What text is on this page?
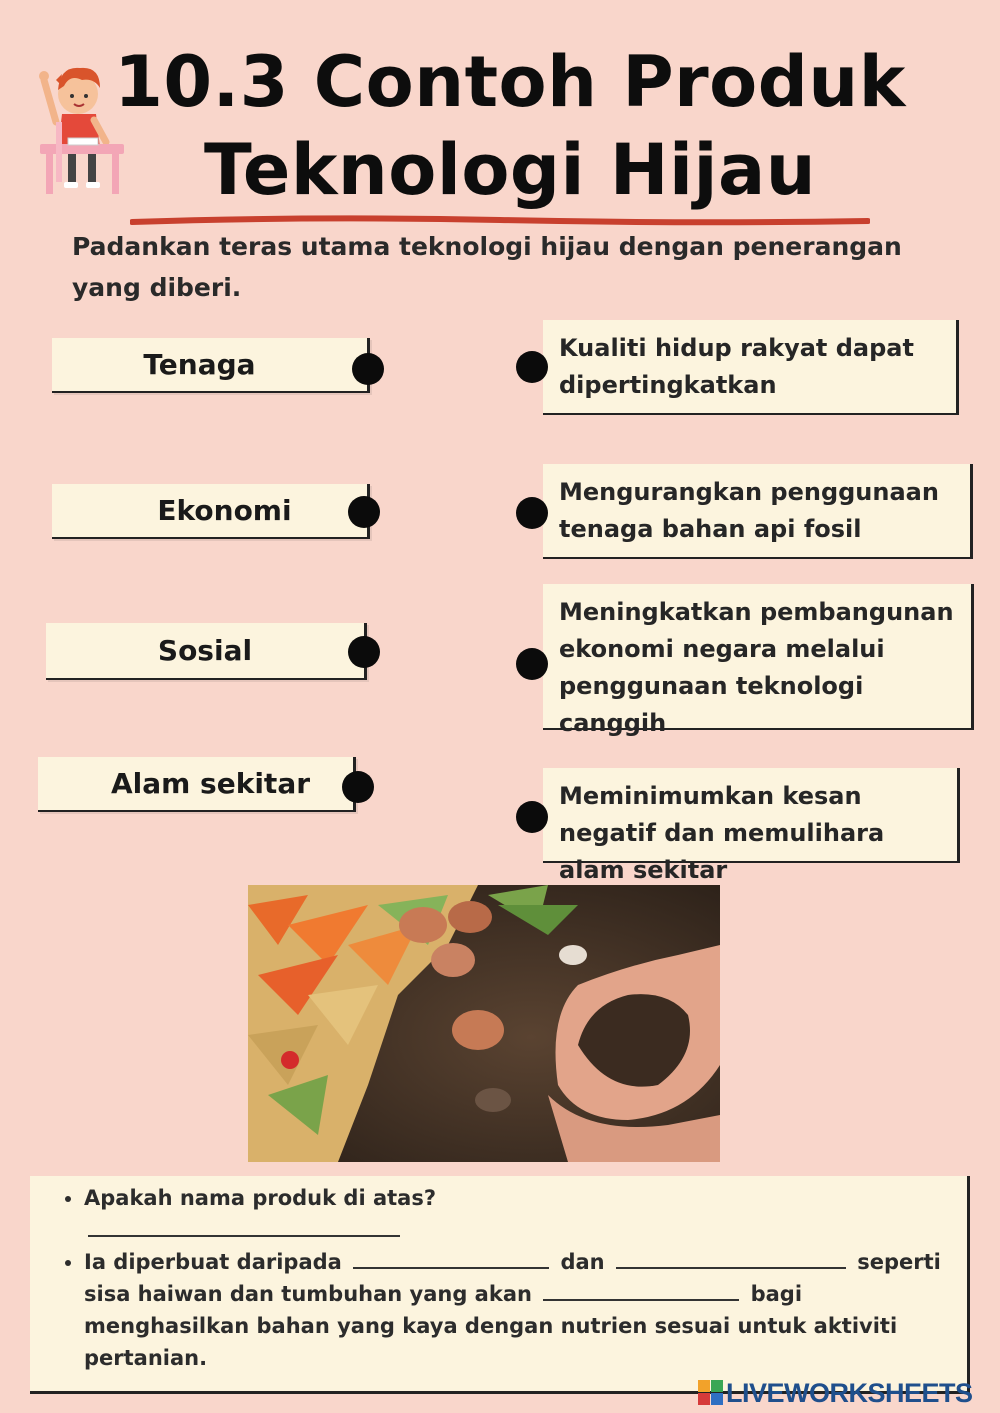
10.3 Contoh Produk
Teknologi Hijau
Padankan teras utama teknologi hijau dengan penerangan yang diberi.
Tenaga
Ekonomi
Sosial
Alam sekitar
Kualiti hidup rakyat dapat dipertingkatkan
Mengurangkan penggunaan tenaga bahan api fosil
Meningkatkan pembangunan ekonomi negara melalui penggunaan teknologi canggih
Meminimumkan kesan negatif dan memulihara alam sekitar
• Apakah nama produk di atas?

• Ia diperbuat daripada	dan	seperti sisa haiwan dan tumbuhan yang akan	bagi menghasilkan bahan yang kaya dengan nutrien sesuai untuk aktiviti pertanian.
LIVEWORKSHEETS
